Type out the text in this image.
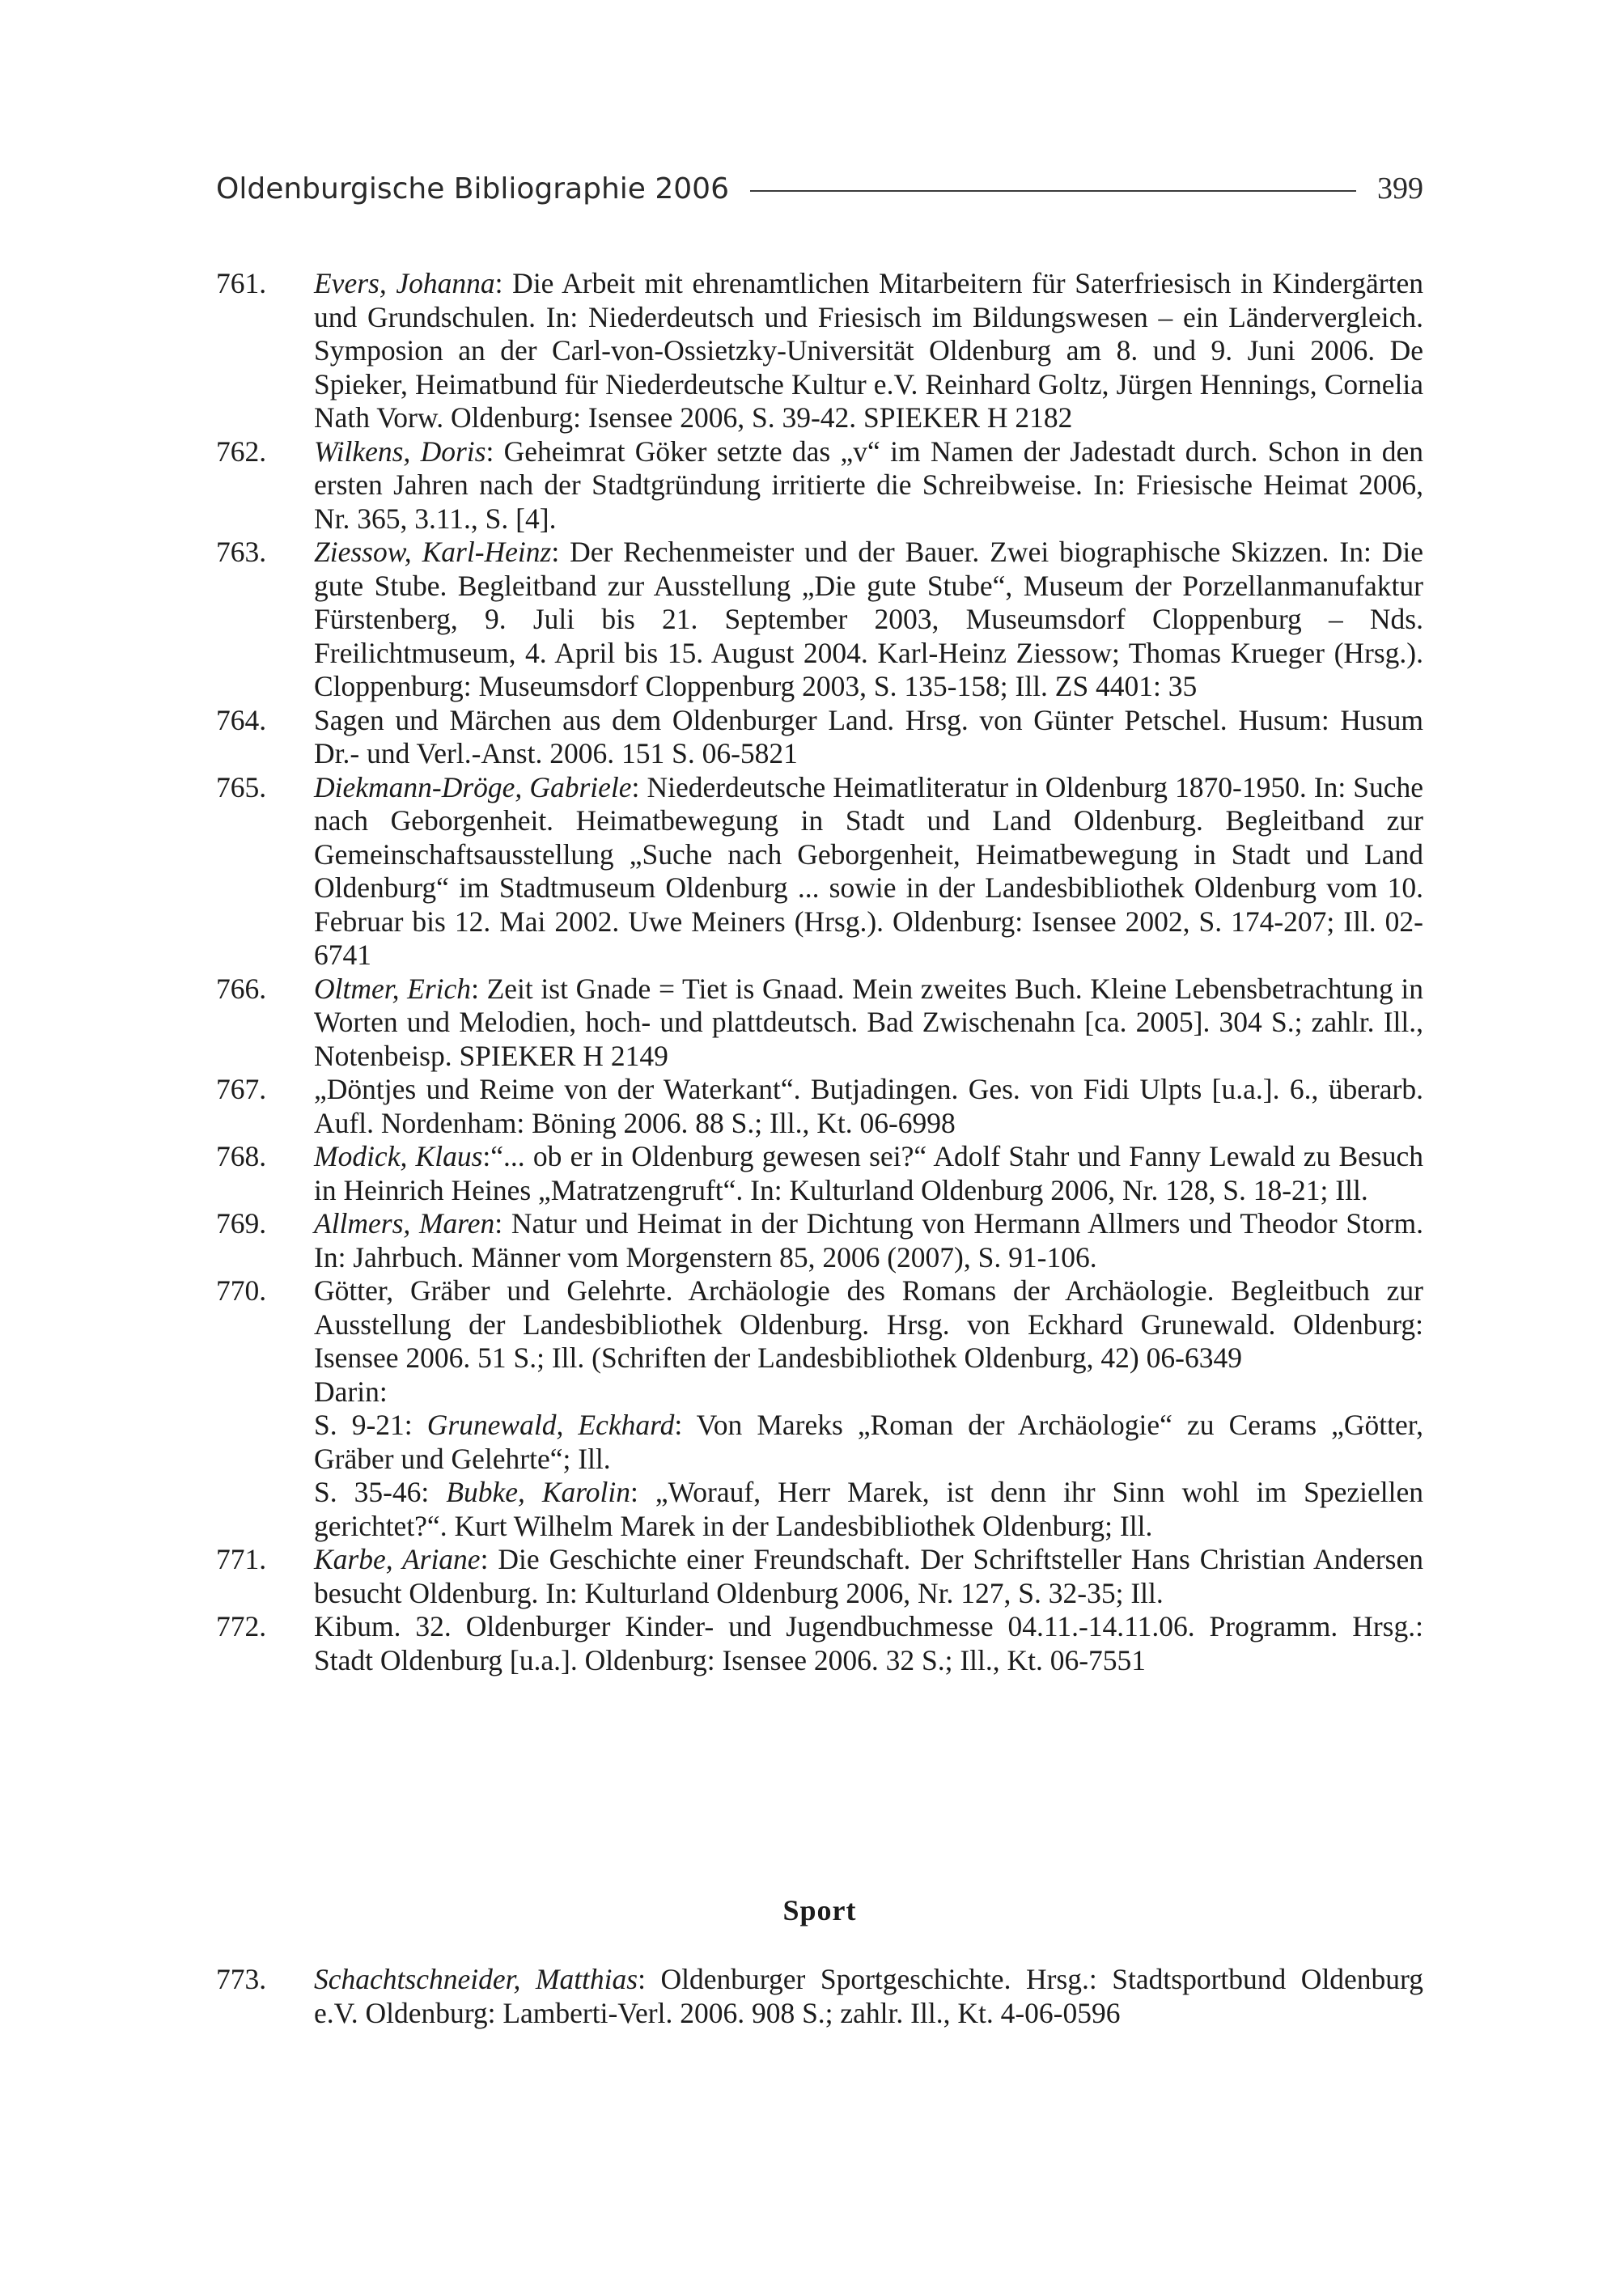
Oldenburgische Bibliographie 2006	399
761.	Evers, Johanna: Die Arbeit mit ehrenamtlichen Mitarbeitern für Saterfriesisch in Kindergärten und Grundschulen. In: Niederdeutsch und Friesisch im Bildungswesen – ein Ländervergleich. Symposion an der Carl-von-Ossietzky-Universität Oldenburg am 8. und 9. Juni 2006. De Spieker, Heimatbund für Niederdeutsche Kultur e.V. Reinhard Goltz, Jürgen Hennings, Cornelia Nath Vorw. Oldenburg: Isensee 2006, S. 39-42. SPIEKER H 2182
762.	Wilkens, Doris: Geheimrat Göker setzte das „v“ im Namen der Jadestadt durch. Schon in den ersten Jahren nach der Stadtgründung irritierte die Schreibweise. In: Friesische Heimat 2006, Nr. 365, 3.11., S. [4].
763.	Ziessow, Karl-Heinz: Der Rechenmeister und der Bauer. Zwei biographische Skizzen. In: Die gute Stube. Begleitband zur Ausstellung „Die gute Stube“, Museum der Porzellanmanufaktur Fürstenberg, 9. Juli bis 21. September 2003, Museumsdorf Cloppenburg – Nds. Freilichtmuseum, 4. April bis 15. August 2004. Karl-Heinz Ziessow; Thomas Krueger (Hrsg.). Cloppenburg: Museumsdorf Cloppenburg 2003, S. 135-158; Ill. ZS 4401: 35
764.	Sagen und Märchen aus dem Oldenburger Land. Hrsg. von Günter Petschel. Husum: Husum Dr.- und Verl.-Anst. 2006. 151 S. 06-5821
765.	Diekmann-Dröge, Gabriele: Niederdeutsche Heimatliteratur in Oldenburg 1870-1950. In: Suche nach Geborgenheit. Heimatbewegung in Stadt und Land Oldenburg. Begleitband zur Gemeinschaftsausstellung „Suche nach Geborgenheit, Heimatbewegung in Stadt und Land Oldenburg“ im Stadtmuseum Oldenburg ... sowie in der Landesbibliothek Oldenburg vom 10. Februar bis 12. Mai 2002. Uwe Meiners (Hrsg.). Oldenburg: Isensee 2002, S. 174-207; Ill. 02-6741
766.	Oltmer, Erich: Zeit ist Gnade = Tiet is Gnaad. Mein zweites Buch. Kleine Lebensbetrachtung in Worten und Melodien, hoch- und plattdeutsch. Bad Zwischenahn [ca. 2005]. 304 S.; zahlr. Ill., Notenbeisp. SPIEKER H 2149
767.	„Döntjes und Reime von der Waterkant“. Butjadingen. Ges. von Fidi Ulpts [u.a.]. 6., überarb. Aufl. Nordenham: Böning 2006. 88 S.; Ill., Kt. 06-6998
768.	Modick, Klaus:“... ob er in Oldenburg gewesen sei?“ Adolf Stahr und Fanny Lewald zu Besuch in Heinrich Heines „Matratzengruft“. In: Kulturland Oldenburg 2006, Nr. 128, S. 18-21; Ill.
769.	Allmers, Maren: Natur und Heimat in der Dichtung von Hermann Allmers und Theodor Storm. In: Jahrbuch. Männer vom Morgenstern 85, 2006 (2007), S. 91-106.
770.	Götter, Gräber und Gelehrte. Archäologie des Romans der Archäologie. Begleitbuch zur Ausstellung der Landesbibliothek Oldenburg. Hrsg. von Eckhard Grunewald. Oldenburg: Isensee 2006. 51 S.; Ill. (Schriften der Landesbibliothek Oldenburg, 42) 06-6349
Darin:
S. 9-21: Grunewald, Eckhard: Von Mareks „Roman der Archäologie“ zu Cerams „Götter, Gräber und Gelehrte“; Ill.
S. 35-46: Bubke, Karolin: „Worauf, Herr Marek, ist denn ihr Sinn wohl im Speziellen gerichtet?“. Kurt Wilhelm Marek in der Landesbibliothek Oldenburg; Ill.
771.	Karbe, Ariane: Die Geschichte einer Freundschaft. Der Schriftsteller Hans Christian Andersen besucht Oldenburg. In: Kulturland Oldenburg 2006, Nr. 127, S. 32-35; Ill.
772.	Kibum. 32. Oldenburger Kinder- und Jugendbuchmesse 04.11.-14.11.06. Programm. Hrsg.: Stadt Oldenburg [u.a.]. Oldenburg: Isensee 2006. 32 S.; Ill., Kt. 06-7551
Sport
773.	Schachtschneider, Matthias: Oldenburger Sportgeschichte. Hrsg.: Stadtsportbund Oldenburg e.V. Oldenburg: Lamberti-Verl. 2006. 908 S.; zahlr. Ill., Kt. 4-06-0596
